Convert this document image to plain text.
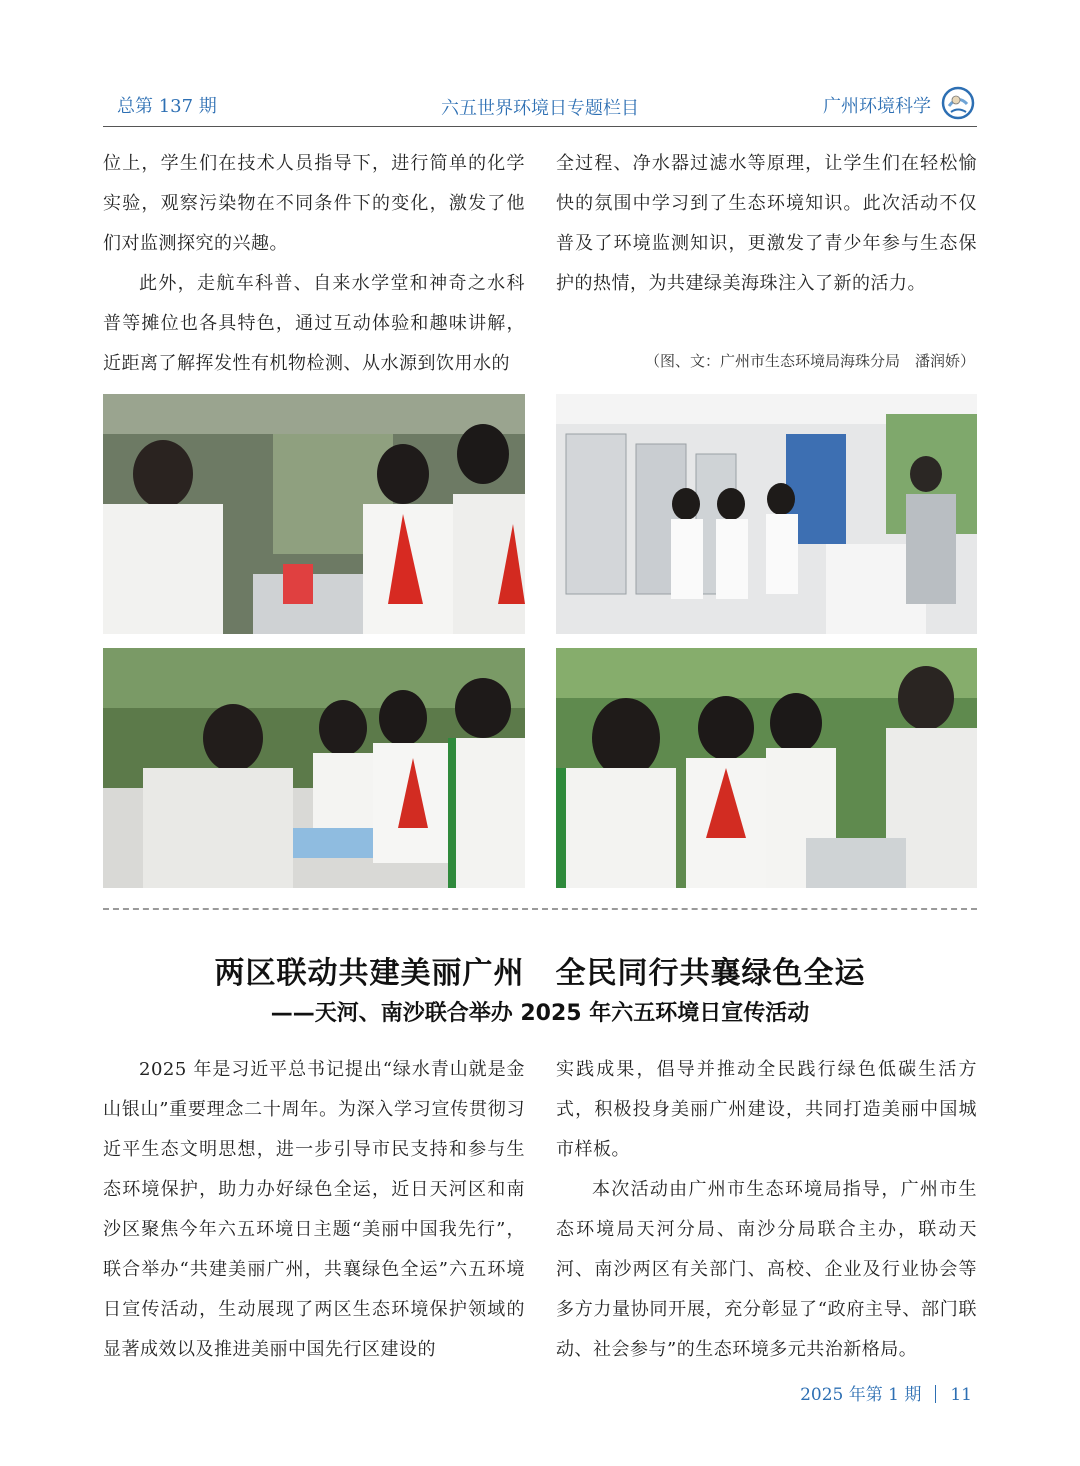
总第 137 期	六五世界环境日专题栏目	广州环境科学

位上，学生们在技术人员指导下，进行简单的化学实验，观察污染物在不同条件下的变化，激发了他们对监测探究的兴趣。

此外，走航车科普、自来水学堂和神奇之水科普等摊位也各具特色，通过互动体验和趣味讲解，近距离了解挥发性有机物检测、从水源到饮用水的

全过程、净水器过滤水等原理，让学生们在轻松愉快的氛围中学习到了生态环境知识。此次活动不仅普及了环境监测知识，更激发了青少年参与生态保护的热情，为共建绿美海珠注入了新的活力。

（图、文：广州市生态环境局海珠分局　潘润娇）
两区联动共建美丽广州　全民同行共襄绿色全运
——天河、南沙联合举办 2025 年六五环境日宣传活动

2025 年是习近平总书记提出“绿水青山就是金山银山”重要理念二十周年。为深入学习宣传贯彻习近平生态文明思想，进一步引导市民支持和参与生态环境保护，助力办好绿色全运，近日天河区和南沙区聚焦今年六五环境日主题“美丽中国我先行”，联合举办“共建美丽广州，共襄绿色全运”六五环境日宣传活动，生动展现了两区生态环境保护领域的显著成效以及推进美丽中国先行区建设的

实践成果，倡导并推动全民践行绿色低碳生活方式，积极投身美丽广州建设，共同打造美丽中国城市样板。

本次活动由广州市生态环境局指导，广州市生态环境局天河分局、南沙分局联合主办，联动天河、南沙两区有关部门、高校、企业及行业协会等多方力量协同开展，充分彰显了“政府主导、部门联动、社会参与”的生态环境多元共治新格局。

2025 年第 1 期 11
